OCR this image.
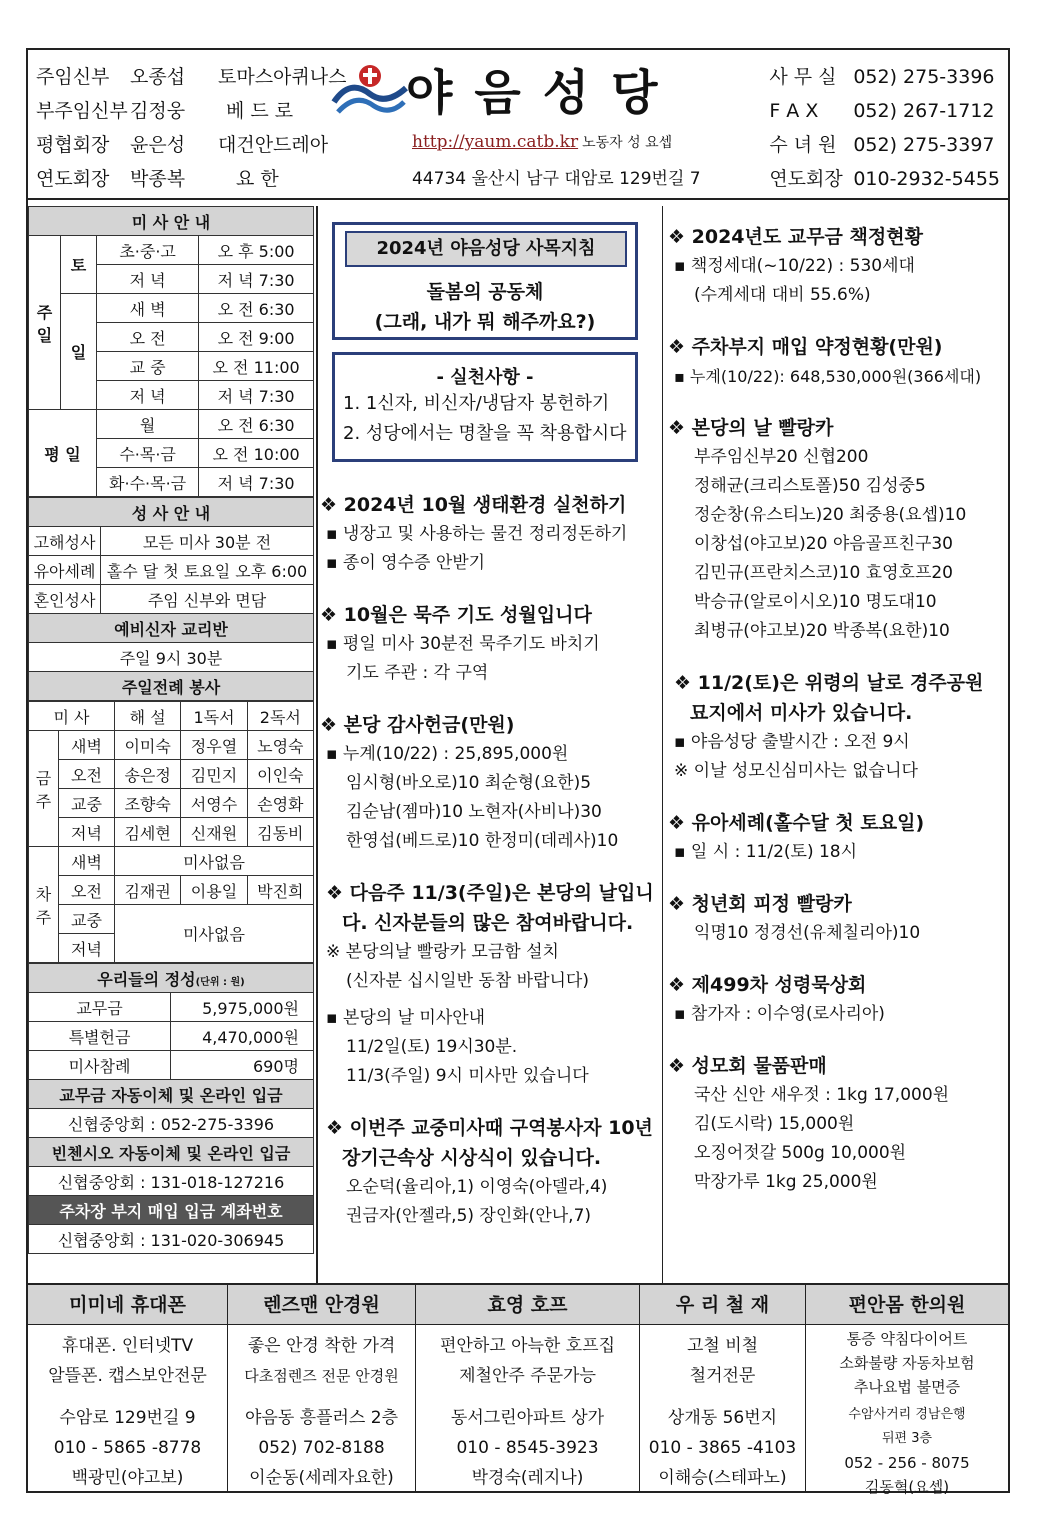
주임신부 오종섭 토마스아퀴나스
부주임신부 김정웅 베 드 로
평협회장 윤은성 대건안드레아
연도회장 박종복	요 한
야음성당
http://yaum.catb.kr 노동자 성 요셉
44734 울산시 남구 대암로 129번길 7
사 무 실 052) 275-3396
F A X 052) 267-1712
수 녀 원 052) 275-3397
연도회장 010-2932-5455
미 사 안 내			
주일	토	초·중·고	오 후 5:00
		저 녁	저 녁 7:30
	일	새 벽	오 전 6:30
		오 전	오 전 9:00
		교 중	오 전 11:00
		저 녁	저 녁 7:30
평 일		월	오 전 6:30
		수·목·금	오 전 10:00
		화·수·목·금	저 녁 7:30
성 사 안 내	
고해성사	모든 미사 30분 전
유아세례	홀수 달 첫 토요일 오후 6:00
혼인성사	주임 신부와 면담
예비신자 교리반	
주일 9시 30분	
주일전례 봉사	
미 사		해 설	1독서	2독서
금주	새벽	이미숙	정우열	노영숙
	오전	송은정	김민지	이인숙
	교중	조향숙	서영수	손영화
	저녁	김세현	신재원	김동비
차주	새벽	미사없음		
	오전	김재권	이용일	박진희
	교중	미사없음		
	저녁			
우리들의 정성(단위 : 원)	
교무금	5,975,000원
특별헌금	4,470,000원
미사참례	690명
교무금 자동이체 및 온라인 입금	
신협중앙회 : 052-275-3396	
빈첸시오 자동이체 및 온라인 입금	
신협중앙회 : 131-018-127216	
주차장 부지 매입 입금 계좌번호	
신협중앙회 : 131-020-306945	
2024년 야음성당 사목지침
돌봄의 공동체
(그래, 내가 뭐 해주까요?)
- 실천사항 -
1. 1신자, 비신자/냉담자 봉헌하기
2. 성당에서는 명찰을 꼭 착용합시다
❖ 2024년 10월 생태환경 실천하기
▪ 냉장고 및 사용하는 물건 정리정돈하기
▪ 종이 영수증 안받기
❖ 10월은 묵주 기도 성월입니다
▪ 평일 미사 30분전 묵주기도 바치기
기도 주관 : 각 구역
❖ 본당 감사헌금(만원)
▪ 누계(10/22) : 25,895,000원
임시형(바오로)10 최순형(요한)5
김순남(젬마)10 노현자(사비나)30
한영섭(베드로)10 한정미(데레사)10
❖ 다음주 11/3(주일)은 본당의 날입니다. 신자분들의 많은 참여바랍니다.
※ 본당의날 빨랑카 모금함 설치
(신자분 십시일반 동참 바랍니다)
▪ 본당의 날 미사안내
11/2일(토) 19시30분.
11/3(주일) 9시 미사만 있습니다
❖ 이번주 교중미사때 구역봉사자 10년 장기근속상 시상식이 있습니다.
오순덕(율리아,1) 이영숙(아델라,4)
권금자(안젤라,5) 장인화(안나,7)
❖ 2024년도 교무금 책정현황
▪ 책정세대(~10/22) : 530세대
(수계세대 대비 55.6%)
❖ 주차부지 매입 약정현황(만원)
▪ 누계(10/22): 648,530,000원(366세대)
❖ 본당의 날 빨랑카
부주임신부20 신협200
정해균(크리스토폴)50 김성중5
정순창(유스티노)20 최중용(요셉)10
이창섭(야고보)20 야음골프친구30
김민규(프란치스코)10 효영호프20
박승규(알로이시오)10 명도대10
최병규(야고보)20 박종복(요한)10
❖ 11/2(토)은 위령의 날로 경주공원 묘지에서 미사가 있습니다.
▪ 야음성당 출발시간 : 오전 9시
※ 이날 성모신심미사는 없습니다
❖ 유아세례(홀수달 첫 토요일)
▪ 일 시 : 11/2(토) 18시
❖ 청년회 피정 빨랑카
익명10 정경선(유체칠리아)10
❖ 제499차 성령묵상회
▪ 참가자 : 이수영(로사리아)
❖ 성모회 물품판매
국산 신안 새우젓 : 1kg 17,000원
김(도시락) 15,000원
오징어젓갈 500g 10,000원
막장가루 1kg 25,000원
미미네 휴대폰
휴대폰. 인터넷TV
알뜰폰. 캡스보안전문
수암로 129번길 9
010 - 5865 -8778
백광민(야고보)
렌즈맨 안경원
좋은 안경 착한 가격
다초점렌즈 전문 안경원
야음동 흥플러스 2층
052) 702-8188
이순동(세레자요한)
효영 호프
편안하고 아늑한 호프집
제철안주 주문가능
동서그린아파트 상가
010 - 8545-3923
박경숙(레지나)
우 리 철 재
고철 비철
철거전문
상개동 56번지
010 - 3865 -4103
이해승(스테파노)
편안몸 한의원
통증 약침다이어트
소화불량 자동차보험
추나요법 불면증
수암사거리 경남은행
뒤편 3층
052 - 256 - 8075
김동혁(요셉)
